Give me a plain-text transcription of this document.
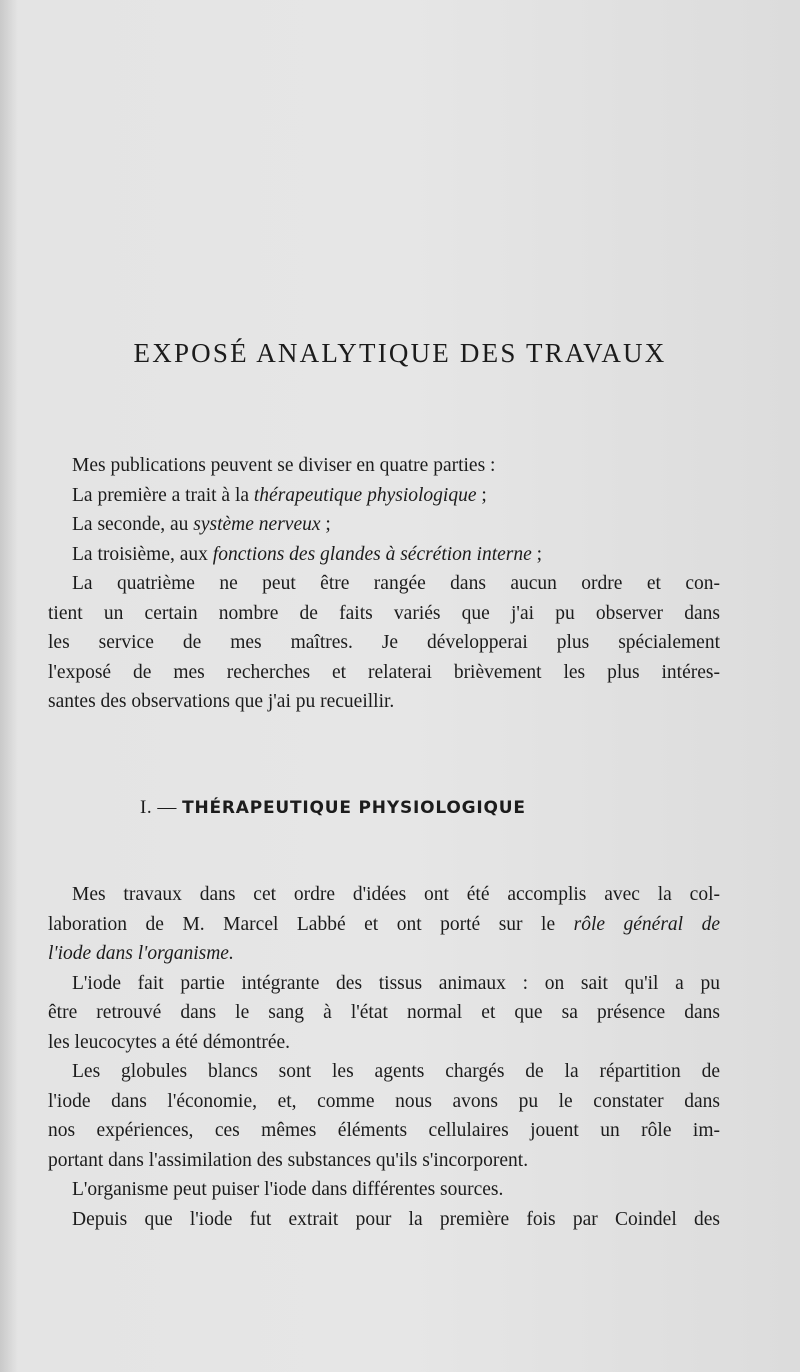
EXPOSÉ ANALYTIQUE DES TRAVAUX
Mes publications peuvent se diviser en quatre parties :
La première a trait à la thérapeutique physiologique ;
La seconde, au système nerveux ;
La troisième, aux fonctions des glandes à sécrétion interne ;
La quatrième ne peut être rangée dans aucun ordre et con-
tient un certain nombre de faits variés que j'ai pu observer dans
les service de mes maîtres. Je développerai plus spécialement
l'exposé de mes recherches et relaterai brièvement les plus intéres-
santes des observations que j'ai pu recueillir.
I. — THÉRAPEUTIQUE PHYSIOLOGIQUE
Mes travaux dans cet ordre d'idées ont été accomplis avec la col-
laboration de M. Marcel Labbé et ont porté sur le rôle général de
l'iode dans l'organisme.
L'iode fait partie intégrante des tissus animaux : on sait qu'il a pu
être retrouvé dans le sang à l'état normal et que sa présence dans
les leucocytes a été démontrée.
Les globules blancs sont les agents chargés de la répartition de
l'iode dans l'économie, et, comme nous avons pu le constater dans
nos expériences, ces mêmes éléments cellulaires jouent un rôle im-
portant dans l'assimilation des substances qu'ils s'incorporent.
L'organisme peut puiser l'iode dans différentes sources.
Depuis que l'iode fut extrait pour la première fois par Coindel des
